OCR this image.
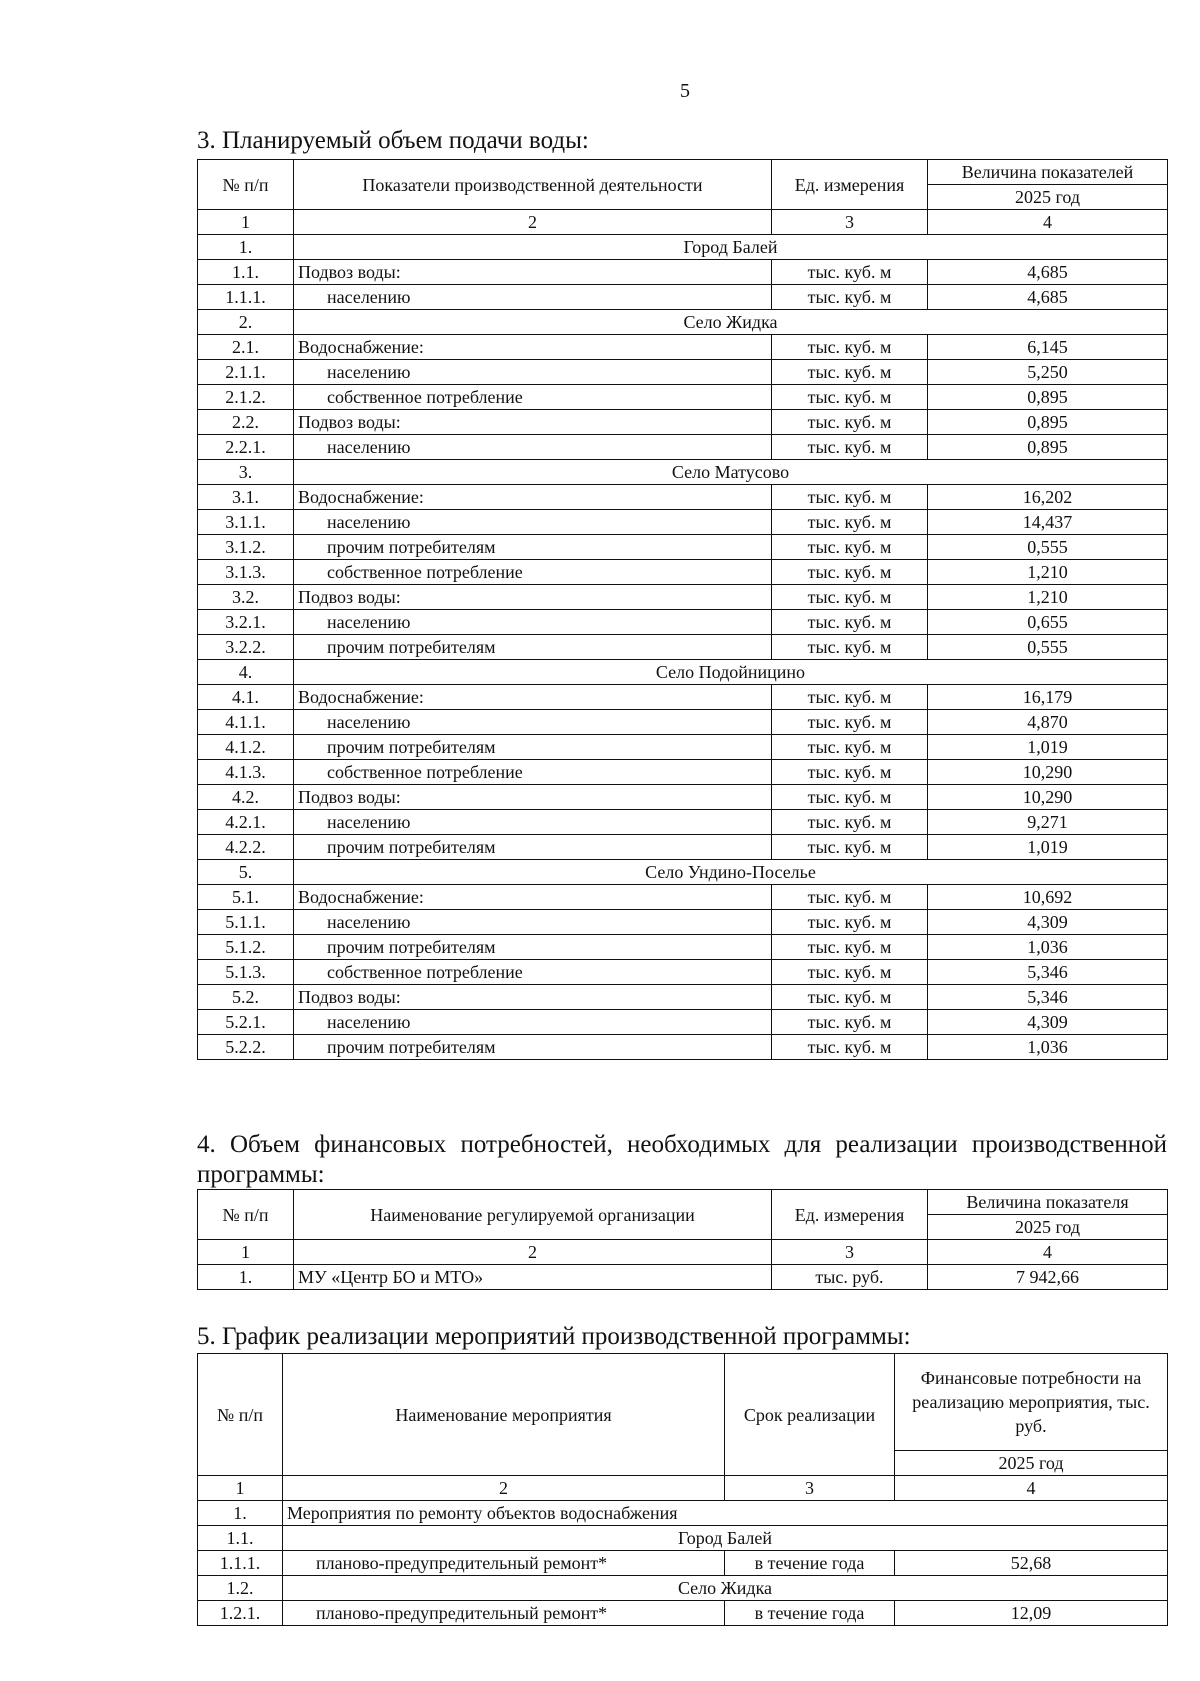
5
3. Планируемый объем подачи воды:
№ п/п	Показатели производственной деятельности	Ед. измерения	Величина показателей
			2025 год
1	2	3	4
1.	Город Балей		
1.1.	Подвоз воды:	тыс. куб. м	4,685
1.1.1.	населению	тыс. куб. м	4,685
2.	Село Жидка		
2.1.	Водоснабжение:	тыс. куб. м	6,145
2.1.1.	населению	тыс. куб. м	5,250
2.1.2.	собственное потребление	тыс. куб. м	0,895
2.2.	Подвоз воды:	тыс. куб. м	0,895
2.2.1.	населению	тыс. куб. м	0,895
3.	Село Матусово		
3.1.	Водоснабжение:	тыс. куб. м	16,202
3.1.1.	населению	тыс. куб. м	14,437
3.1.2.	прочим потребителям	тыс. куб. м	0,555
3.1.3.	собственное потребление	тыс. куб. м	1,210
3.2.	Подвоз воды:	тыс. куб. м	1,210
3.2.1.	населению	тыс. куб. м	0,655
3.2.2.	прочим потребителям	тыс. куб. м	0,555
4.	Село Подойницино		
4.1.	Водоснабжение:	тыс. куб. м	16,179
4.1.1.	населению	тыс. куб. м	4,870
4.1.2.	прочим потребителям	тыс. куб. м	1,019
4.1.3.	собственное потребление	тыс. куб. м	10,290
4.2.	Подвоз воды:	тыс. куб. м	10,290
4.2.1.	населению	тыс. куб. м	9,271
4.2.2.	прочим потребителям	тыс. куб. м	1,019
5.	Село Ундино-Поселье		
5.1.	Водоснабжение:	тыс. куб. м	10,692
5.1.1.	населению	тыс. куб. м	4,309
5.1.2.	прочим потребителям	тыс. куб. м	1,036
5.1.3.	собственное потребление	тыс. куб. м	5,346
5.2.	Подвоз воды:	тыс. куб. м	5,346
5.2.1.	населению	тыс. куб. м	4,309
5.2.2.	прочим потребителям	тыс. куб. м	1,036
4. Объем финансовых потребностей, необходимых для реализации производственной программы:
№ п/п	Наименование регулируемой организации	Ед. измерения	Величина показателя
			2025 год
1	2	3	4
1.	МУ «Центр БО и МТО»	тыс. руб.	7 942,66
5. График реализации мероприятий производственной программы:
№ п/п	Наименование мероприятия	Срок реализации	Финансовые потребности на реализацию мероприятия, тыс. руб.
			2025 год
1	2	3	4
1.	Мероприятия по ремонту объектов водоснабжения		
1.1.	Город Балей		
1.1.1.	планово-предупредительный ремонт*	в течение года	52,68
1.2.	Село Жидка		
1.2.1.	планово-предупредительный ремонт*	в течение года	12,09
